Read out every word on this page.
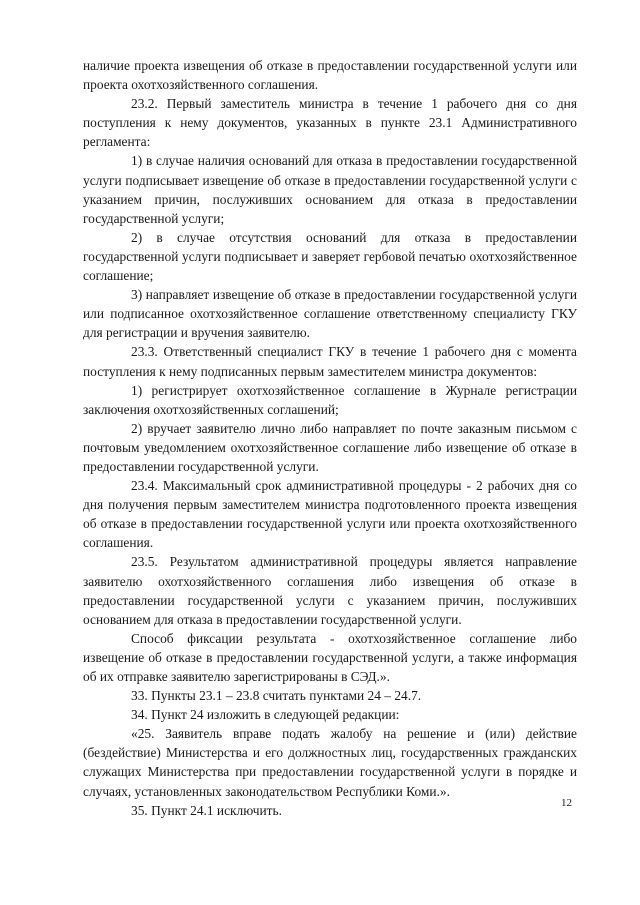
наличие проекта извещения об отказе в предоставлении государственной услуги или проекта охотхозяйственного соглашения.

23.2. Первый заместитель министра в течение 1 рабочего дня со дня поступления к нему документов, указанных в пункте 23.1 Административного регламента:

1) в случае наличия оснований для отказа в предоставлении государственной услуги подписывает извещение об отказе в предоставлении государственной услуги с указанием причин, послуживших основанием для отказа в предоставлении государственной услуги;

2) в случае отсутствия оснований для отказа в предоставлении государственной услуги подписывает и заверяет гербовой печатью охотхозяйственное соглашение;

3) направляет извещение об отказе в предоставлении государственной услуги или подписанное охотхозяйственное соглашение ответственному специалисту ГКУ для регистрации и вручения заявителю.

23.3. Ответственный специалист ГКУ в течение 1 рабочего дня с момента поступления к нему подписанных первым заместителем министра документов:

1) регистрирует охотхозяйственное соглашение в Журнале регистрации заключения охотхозяйственных соглашений;

2) вручает заявителю лично либо направляет по почте заказным письмом с почтовым уведомлением охотхозяйственное соглашение либо извещение об отказе в предоставлении государственной услуги.

23.4. Максимальный срок административной процедуры - 2 рабочих дня со дня получения первым заместителем министра подготовленного проекта извещения об отказе в предоставлении государственной услуги или проекта охотхозяйственного соглашения.

23.5. Результатом административной процедуры является направление заявителю охотхозяйственного соглашения либо извещения об отказе в предоставлении государственной услуги с указанием причин, послуживших основанием для отказа в предоставлении государственной услуги.

Способ фиксации результата - охотхозяйственное соглашение либо извещение об отказе в предоставлении государственной услуги, а также информация об их отправке заявителю зарегистрированы в СЭД.».

33. Пункты 23.1 – 23.8 считать пунктами 24 – 24.7.

34. Пункт 24 изложить в следующей редакции:

«25. Заявитель вправе подать жалобу на решение и (или) действие (бездействие) Министерства и его должностных лиц, государственных гражданских служащих Министерства при предоставлении государственной услуги в порядке и случаях, установленных законодательством Республики Коми.».

35. Пункт 24.1 исключить.	12
